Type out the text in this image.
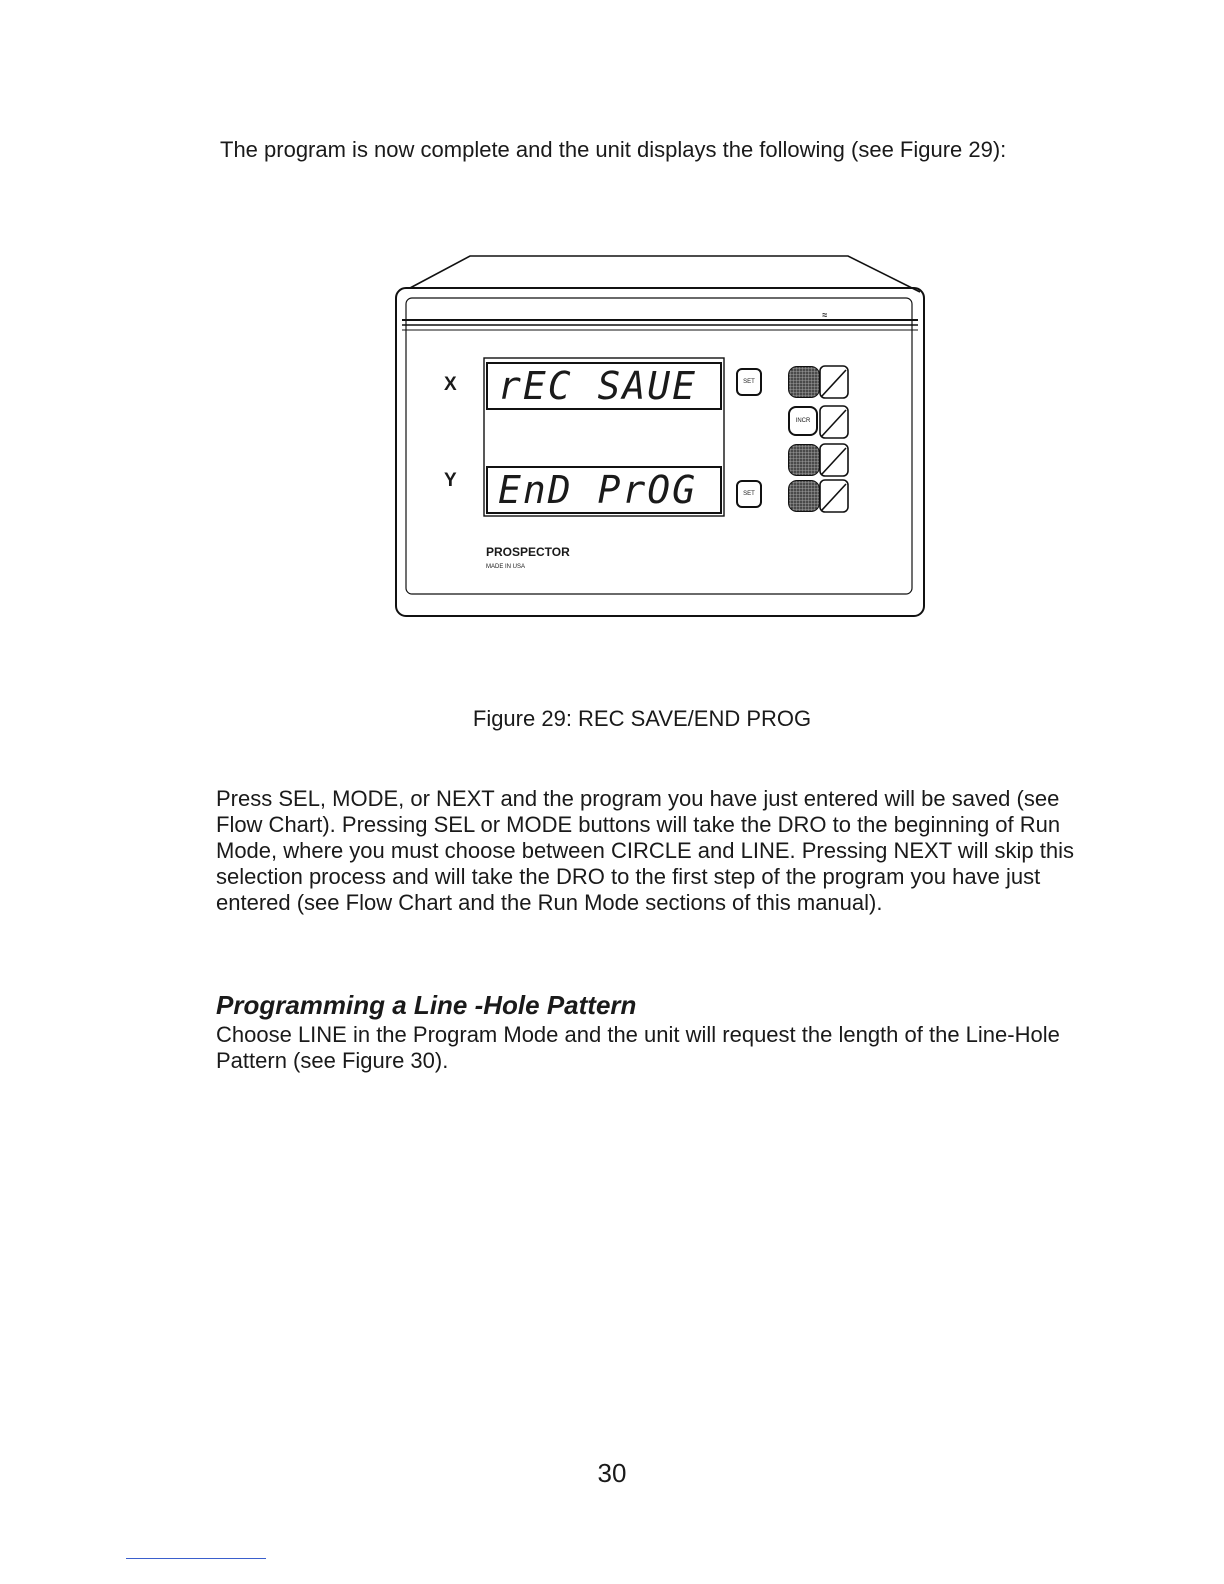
The program is now complete and the unit displays the following (see Figure 29):
≈
X
Y
rEC SAUE
EnD PrOG
SET
SET
INCR
PROSPECTOR
MADE IN USA
Figure 29: REC SAVE/END PROG
Press SEL, MODE, or NEXT and the program you have just entered will be saved (see Flow Chart). Pressing SEL or MODE buttons will take the DRO to the beginning of Run Mode, where you must choose between CIRCLE and LINE. Pressing NEXT will skip this selection process and will take the DRO to the first step of the program you have just entered (see Flow Chart and the Run Mode sections of this manual).
Programming a Line -Hole Pattern
Choose LINE in the Program Mode and the unit will request the length of the Line-Hole Pattern (see Figure 30).
30
